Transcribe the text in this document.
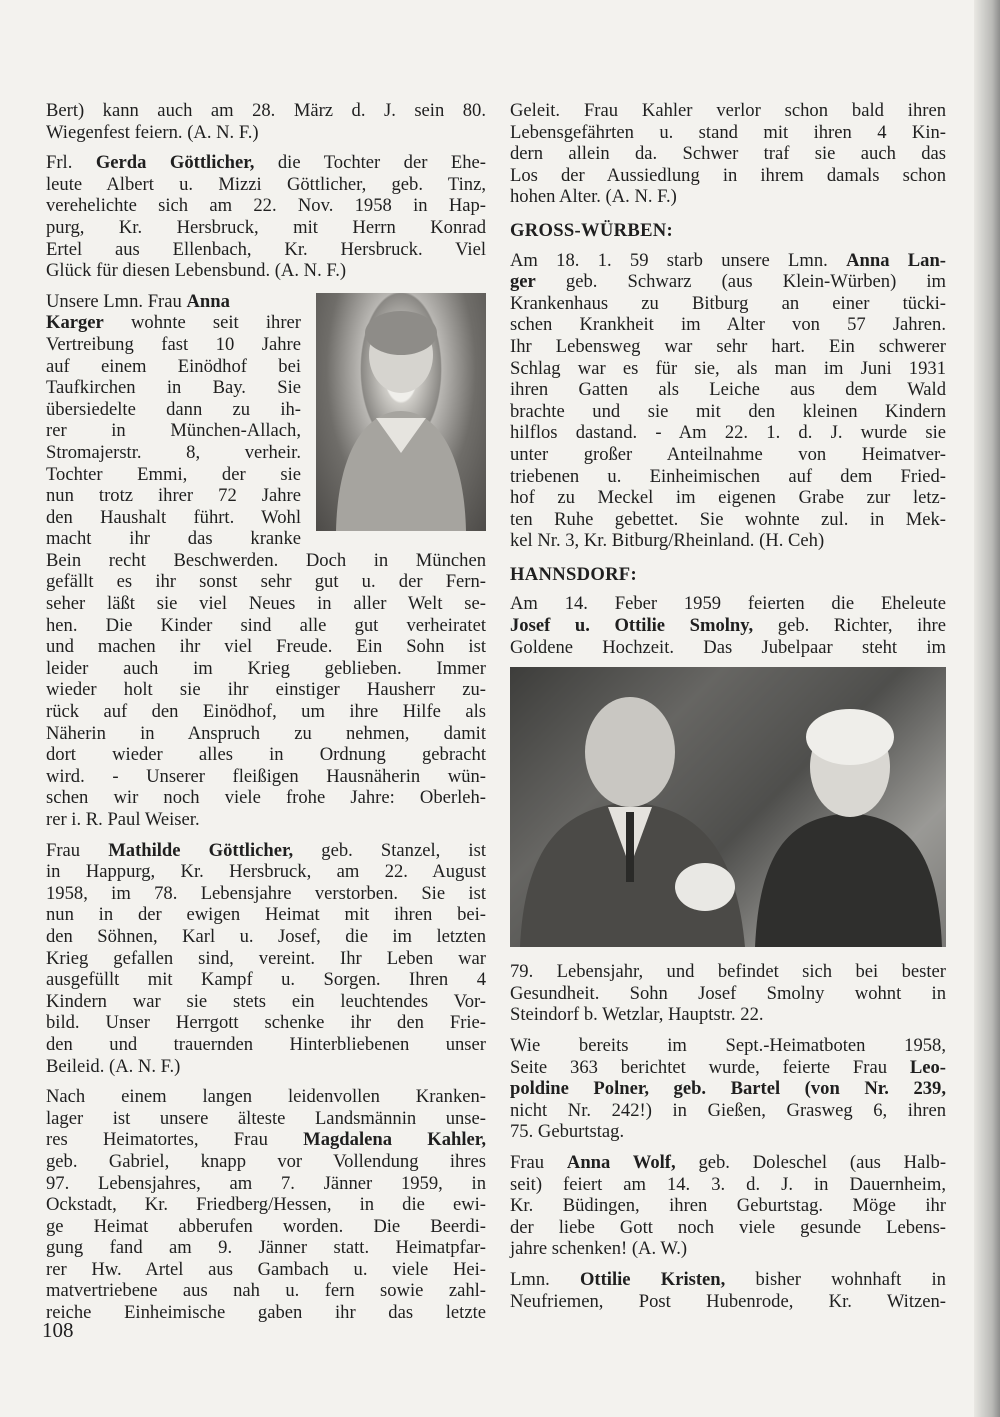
Bert) kann auch am 28. März d. J. sein 80.
Wiegenfest feiern. (A. N. F.)
Frl. Gerda Göttlicher, die Tochter der Ehe-
leute Albert u. Mizzi Göttlicher, geb. Tinz,
verehelichte sich am 22. Nov. 1958 in Hap-
purg, Kr. Hersbruck, mit Herrn Konrad
Ertel aus Ellenbach, Kr. Hersbruck. Viel
Glück für diesen Lebensbund. (A. N. F.)
Unsere Lmn. Frau Anna
Karger wohnte seit ihrer
Vertreibung fast 10 Jahre
auf einem Einödhof bei
Taufkirchen in Bay. Sie
übersiedelte dann zu ih-
rer in München-Allach,
Stromajerstr. 8, verheir.
Tochter Emmi, der sie
nun trotz ihrer 72 Jahre
den Haushalt führt. Wohl
macht ihr das kranke
Bein recht Beschwerden. Doch in München
gefällt es ihr sonst sehr gut u. der Fern-
seher läßt sie viel Neues in aller Welt se-
hen. Die Kinder sind alle gut verheiratet
und machen ihr viel Freude. Ein Sohn ist
leider auch im Krieg geblieben. Immer
wieder holt sie ihr einstiger Hausherr zu-
rück auf den Einödhof, um ihre Hilfe als
Näherin in Anspruch zu nehmen, damit
dort wieder alles in Ordnung gebracht
wird. - Unserer fleißigen Hausnäherin wün-
schen wir noch viele frohe Jahre: Oberleh-
rer i. R. Paul Weiser.
Frau Mathilde Göttlicher, geb. Stanzel, ist
in Happurg, Kr. Hersbruck, am 22. August
1958, im 78. Lebensjahre verstorben. Sie ist
nun in der ewigen Heimat mit ihren bei-
den Söhnen, Karl u. Josef, die im letzten
Krieg gefallen sind, vereint. Ihr Leben war
ausgefüllt mit Kampf u. Sorgen. Ihren 4
Kindern war sie stets ein leuchtendes Vor-
bild. Unser Herrgott schenke ihr den Frie-
den und trauernden Hinterbliebenen unser
Beileid. (A. N. F.)
Nach einem langen leidenvollen Kranken-
lager ist unsere älteste Landsmännin unse-
res Heimatortes, Frau Magdalena Kahler,
geb. Gabriel, knapp vor Vollendung ihres
97. Lebensjahres, am 7. Jänner 1959, in
Ockstadt, Kr. Friedberg/Hessen, in die ewi-
ge Heimat abberufen worden. Die Beerdi-
gung fand am 9. Jänner statt. Heimatpfar-
rer Hw. Artel aus Gambach u. viele Hei-
matvertriebene aus nah u. fern sowie zahl-
reiche Einheimische gaben ihr das letzte
Geleit. Frau Kahler verlor schon bald ihren
Lebensgefährten u. stand mit ihren 4 Kin-
dern allein da. Schwer traf sie auch das
Los der Aussiedlung in ihrem damals schon
hohen Alter. (A. N. F.)
GROSS-WÜRBEN:
Am 18. 1. 59 starb unsere Lmn. Anna Lan-
ger geb. Schwarz (aus Klein-Würben) im
Krankenhaus zu Bitburg an einer tücki-
schen Krankheit im Alter von 57 Jahren.
Ihr Lebensweg war sehr hart. Ein schwerer
Schlag war es für sie, als man im Juni 1931
ihren Gatten als Leiche aus dem Wald
brachte und sie mit den kleinen Kindern
hilflos dastand. - Am 22. 1. d. J. wurde sie
unter großer Anteilnahme von Heimatver-
triebenen u. Einheimischen auf dem Fried-
hof zu Meckel im eigenen Grabe zur letz-
ten Ruhe gebettet. Sie wohnte zul. in Mek-
kel Nr. 3, Kr. Bitburg/Rheinland. (H. Ceh)
HANNSDORF:
Am 14. Feber 1959 feierten die Eheleute
Josef u. Ottilie Smolny, geb. Richter, ihre
Goldene Hochzeit. Das Jubelpaar steht im
79. Lebensjahr, und befindet sich bei bester
Gesundheit. Sohn Josef Smolny wohnt in
Steindorf b. Wetzlar, Hauptstr. 22.
Wie bereits im Sept.-Heimatboten 1958,
Seite 363 berichtet wurde, feierte Frau Leo-
poldine Polner, geb. Bartel (von Nr. 239,
nicht Nr. 242!) in Gießen, Grasweg 6, ihren
75. Geburtstag.
Frau Anna Wolf, geb. Doleschel (aus Halb-
seit) feiert am 14. 3. d. J. in Dauernheim,
Kr. Büdingen, ihren Geburtstag. Möge ihr
der liebe Gott noch viele gesunde Lebens-
jahre schenken! (A. W.)
Lmn. Ottilie Kristen, bisher wohnhaft in
Neufriemen, Post Hubenrode, Kr. Witzen-
108
